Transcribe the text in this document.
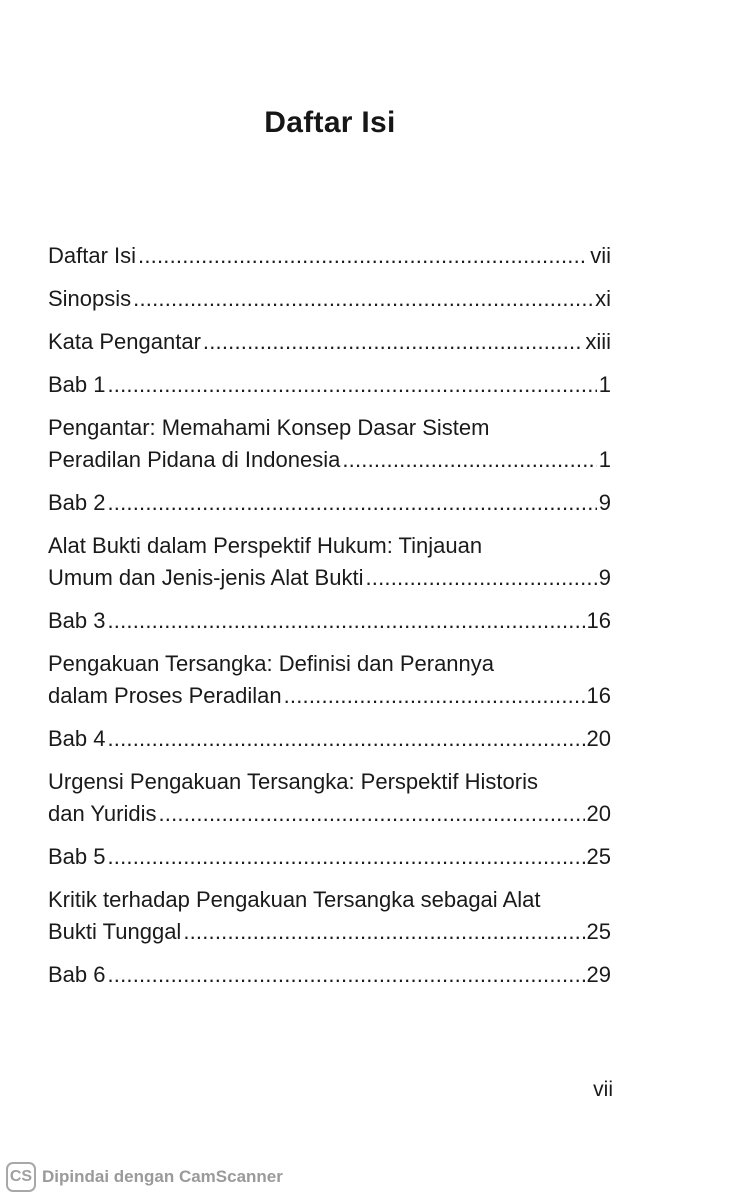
Daftar Isi
Daftar Isi .....	vii
Sinopsis .....	xi
Kata Pengantar .....	xiii
Bab 1 .....	1
Pengantar: Memahami Konsep Dasar Sistem
Peradilan Pidana di Indonesia .....	1
Bab 2 .....	9
Alat Bukti dalam Perspektif Hukum: Tinjauan
Umum dan Jenis-jenis Alat Bukti .....	9
Bab 3 .....	16
Pengakuan Tersangka: Definisi dan Perannya
dalam Proses Peradilan .....	16
Bab 4 .....	20
Urgensi Pengakuan Tersangka: Perspektif Historis
dan Yuridis .....	20
Bab 5 .....	25
Kritik terhadap Pengakuan Tersangka sebagai Alat
Bukti Tunggal .....	25
Bab 6 .....	29
vii
CS Dipindai dengan CamScanner
